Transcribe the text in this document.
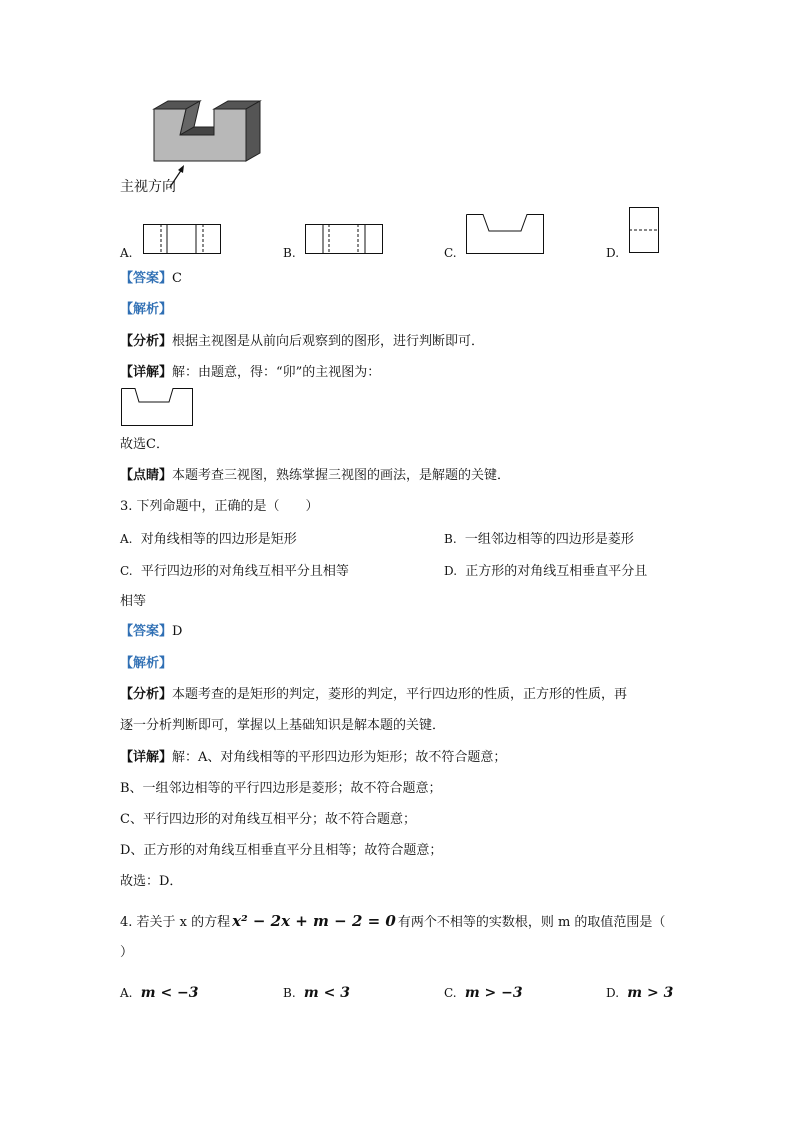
主视方向
A.	B.	C.	D.
【答案】C
【解析】
【分析】根据主视图是从前向后观察到的图形，进行判断即可．
【详解】解：由题意，得：“卯”的主视图为：
故选C．
【点睛】本题考查三视图，熟练掌握三视图的画法，是解题的关键．
3. 下列命题中，正确的是（　　）
A. 对角线相等的四边形是矩形	B. 一组邻边相等的四边形是菱形
C. 平行四边形的对角线互相平分且相等	D. 正方形的对角线互相垂直平分且
相等
【答案】D
【解析】
【分析】本题考查的是矩形的判定，菱形的判定，平行四边形的性质，正方形的性质，再
逐一分析判断即可，掌握以上基础知识是解本题的关键．
【详解】解：A、对角线相等的平形四边形为矩形；故不符合题意；
B、一组邻边相等的平行四边形是菱形；故不符合题意；
C、平行四边形的对角线互相平分；故不符合题意；
D、正方形的对角线互相垂直平分且相等；故符合题意；
故选：D．
4. 若关于 x 的方程 x² − 2x + m − 2 = 0 有两个不相等的实数根，则 m 的取值范围是（
）
A. m < −3	B. m < 3	C. m > −3	D. m > 3
